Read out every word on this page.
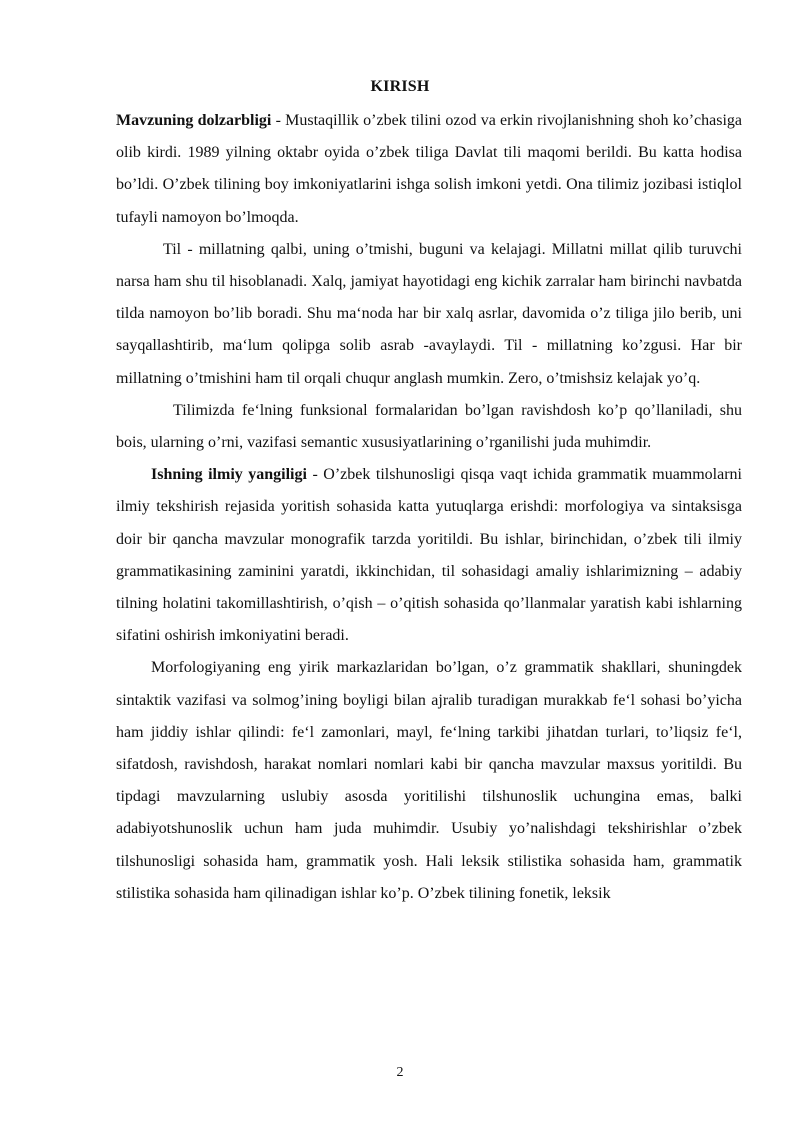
KIRISH

Mavzuning dolzarbligi - Mustaqillik o’zbek tilini ozod va erkin rivojlanishning shoh ko’chasiga olib kirdi. 1989 yilning oktabr oyida o’zbek tiliga Davlat tili maqomi berildi. Bu katta hodisa bo’ldi. O’zbek tilining boy imkoniyatlarini ishga solish imkoni yetdi. Ona tilimiz jozibasi istiqlol tufayli namoyon bo’lmoqda.

Til - millatning qalbi, uning o’tmishi, buguni va kelajagi. Millatni millat qilib turuvchi narsa ham shu til hisoblanadi. Xalq, jamiyat hayotidagi eng kichik zarralar ham birinchi navbatda tilda namoyon bo’lib boradi. Shu ma‘noda har bir xalq asrlar, davomida o’z tiliga jilo berib, uni sayqallashtirib, ma‘lum qolipga solib asrab -avaylaydi. Til - millatning ko’zgusi. Har bir millatning o’tmishini ham til orqali chuqur anglash mumkin. Zero, o’tmishsiz kelajak yo’q.

Tilimizda fe‘lning funksional formalaridan bo’lgan ravishdosh ko’p qo’llaniladi, shu bois, ularning o’rni, vazifasi semantic xususiyatlarining o’rganilishi juda muhimdir.

Ishning ilmiy yangiligi - O’zbek tilshunosligi qisqa vaqt ichida grammatik muammolarni ilmiy tekshirish rejasida yoritish sohasida katta yutuqlarga erishdi: morfologiya va sintaksisga doir bir qancha mavzular monografik tarzda yoritildi. Bu ishlar, birinchidan, o’zbek tili ilmiy grammatikasining zaminini yaratdi, ikkinchidan, til sohasidagi amaliy ishlarimizning – adabiy tilning holatini takomillashtirish, o’qish – o’qitish sohasida qo’llanmalar yaratish kabi ishlarning sifatini oshirish imkoniyatini beradi.

Morfologiyaning eng yirik markazlaridan bo’lgan, o’z grammatik shakllari, shuningdek sintaktik vazifasi va solmog’ining boyligi bilan ajralib turadigan murakkab fe‘l sohasi bo’yicha ham jiddiy ishlar qilindi: fe‘l zamonlari, mayl, fe‘lning tarkibi jihatdan turlari, to’liqsiz fe‘l, sifatdosh, ravishdosh, harakat nomlari nomlari kabi bir qancha mavzular maxsus yoritildi. Bu tipdagi mavzularning uslubiy asosda yoritilishi tilshunoslik uchungina emas, balki adabiyotshunoslik uchun ham juda muhimdir. Usubiy yo’nalishdagi tekshirishlar o’zbek tilshunosligi sohasida ham, grammatik yosh. Hali leksik stilistika sohasida ham, grammatik stilistika sohasida ham qilinadigan ishlar ko’p. O’zbek tilining fonetik, leksik

2
